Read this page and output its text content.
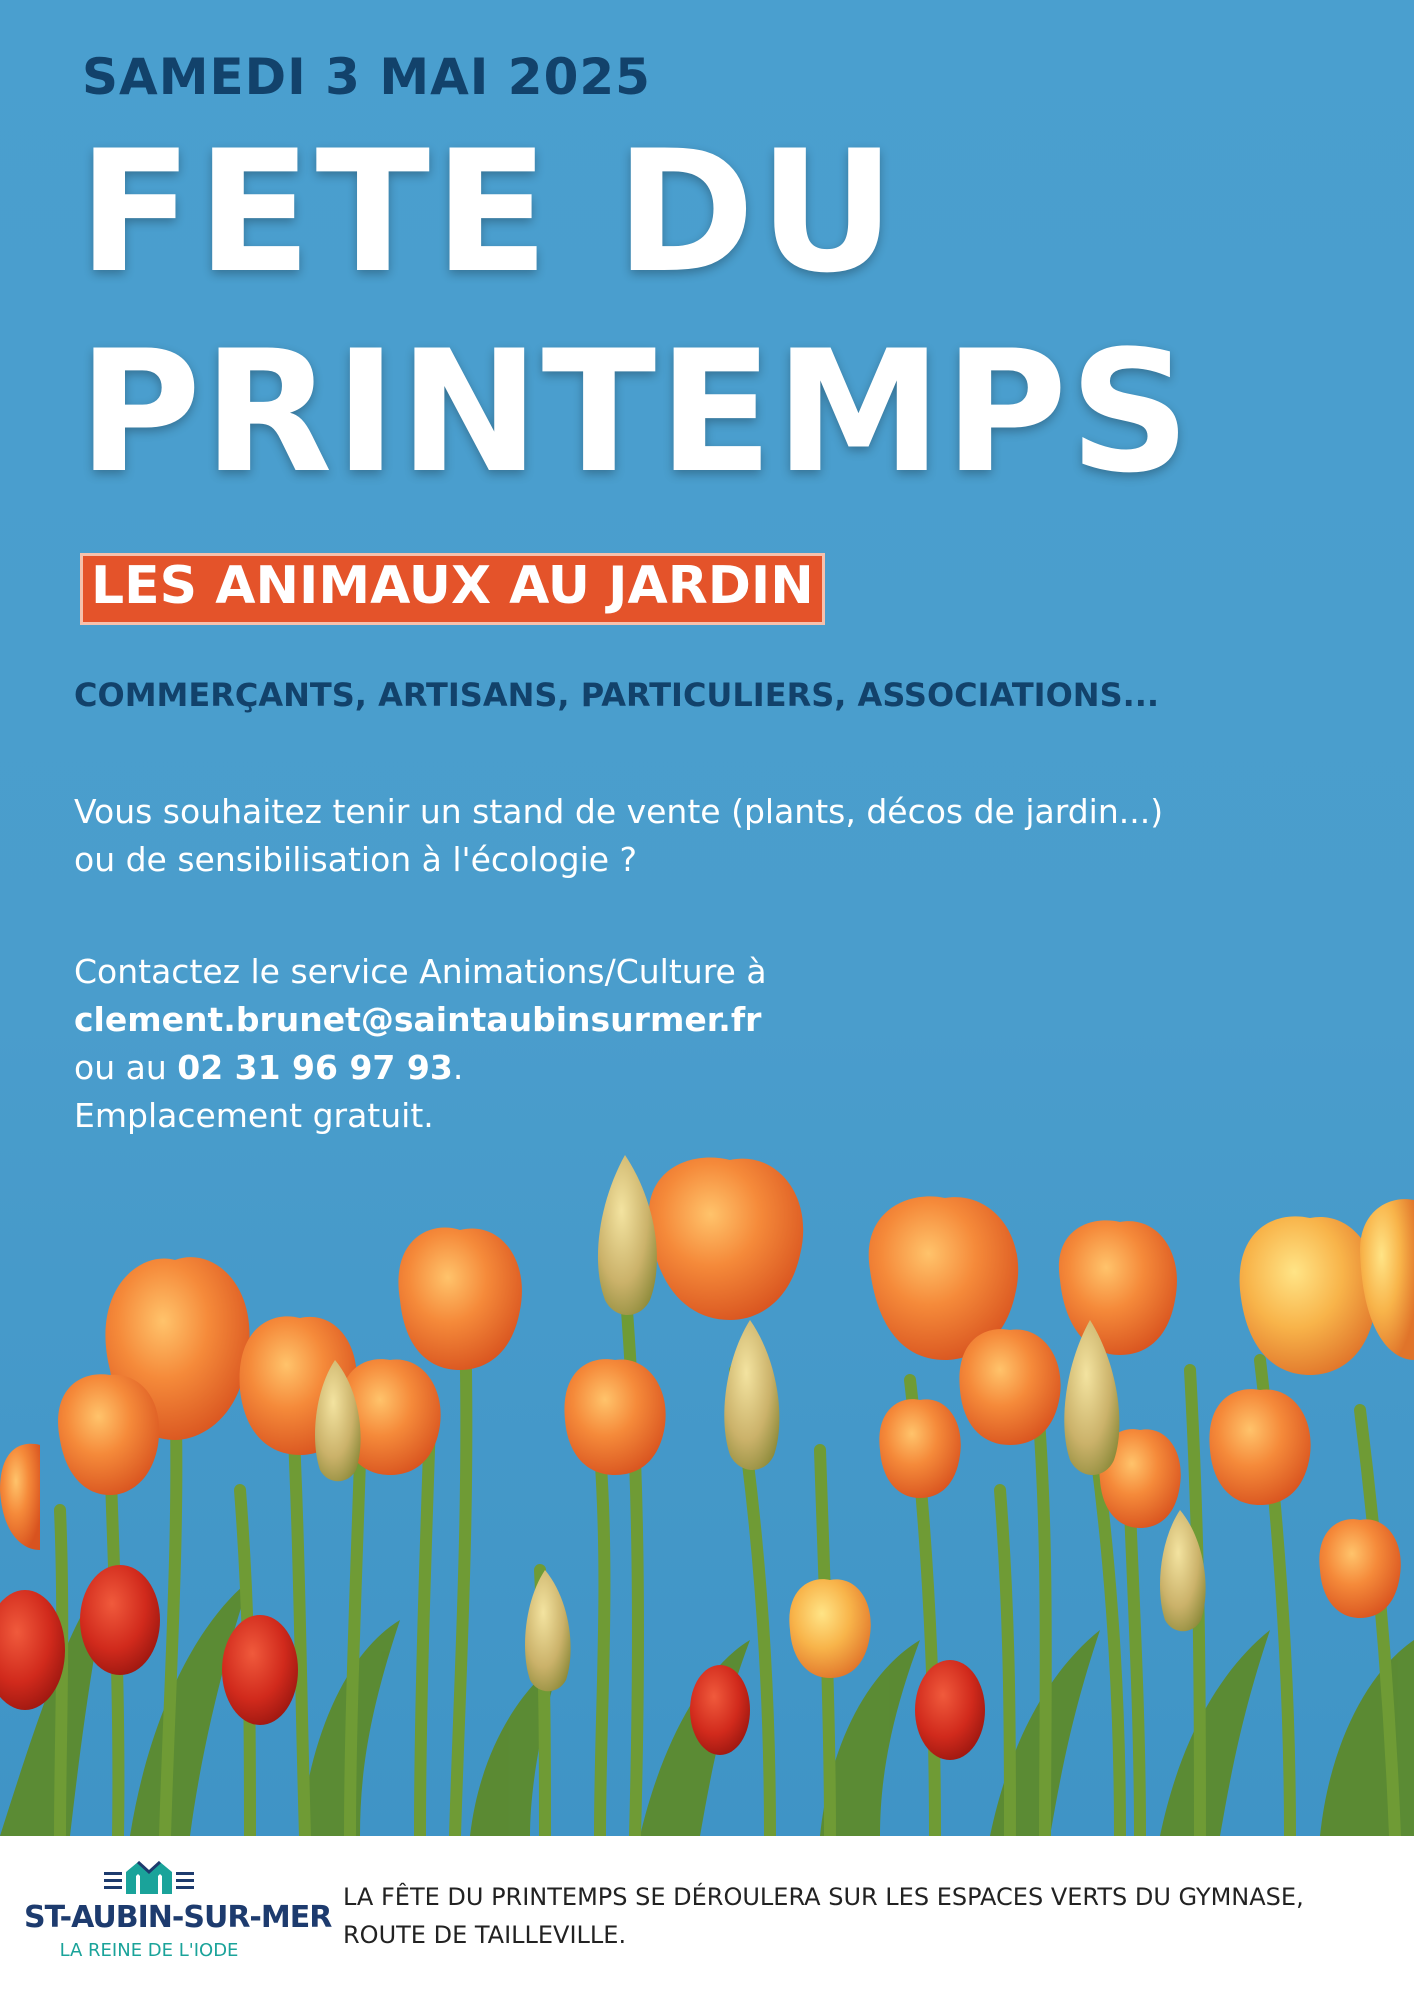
SAMEDI 3 MAI 2025
FETE DU
PRINTEMPS
LES ANIMAUX AU JARDIN

COMMERÇANTS, ARTISANS, PARTICULIERS, ASSOCIATIONS...

Vous souhaitez tenir un stand de vente (plants, décos de jardin...)
ou de sensibilisation à l'écologie ?

Contactez le service Animations/Culture à
clement.brunet@saintaubinsurmer.fr
ou au 02 31 96 97 93.
Emplacement gratuit.

ST-AUBIN-SUR-MER
LA REINE DE L'IODE

LA FÊTE DU PRINTEMPS SE DÉROULERA SUR LES ESPACES VERTS DU GYMNASE, ROUTE DE TAILLEVILLE.
